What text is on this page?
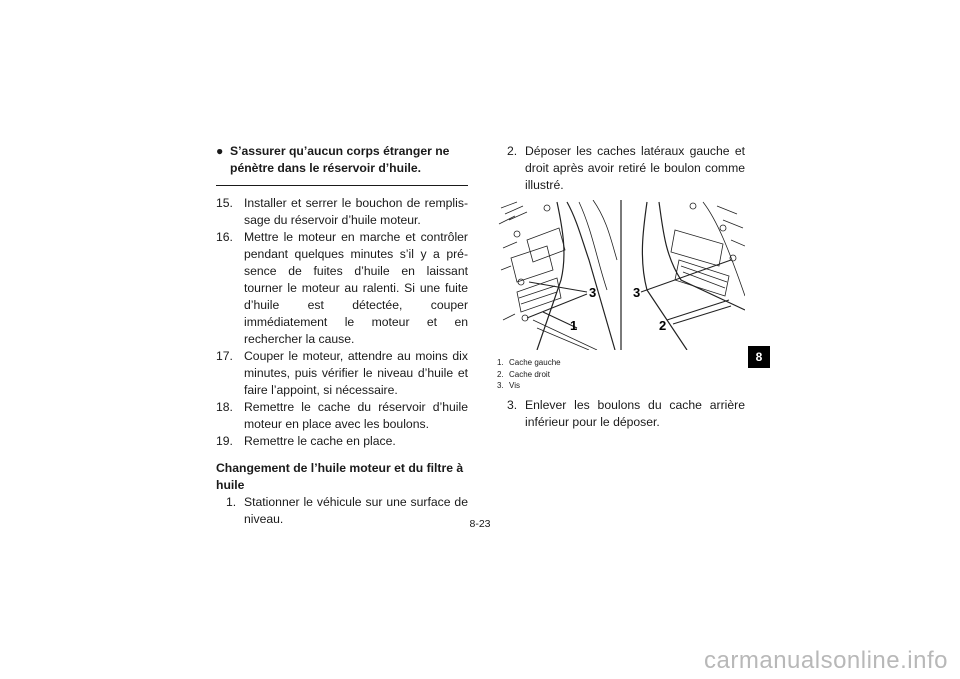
● S’assurer qu’aucun corps étranger ne
pénètre dans le réservoir d’huile.
15. Installer et serrer le bouchon de remplissage du réservoir d’huile moteur.
16. Mettre le moteur en marche et contrôler pendant quelques minutes s’il y a présence de fuites d’huile en laissant tourner le moteur au ralenti. Si une fuite d’huile est détectée, couper immédiatement le moteur et en rechercher la cause.
17. Couper le moteur, attendre au moins dix minutes, puis vérifier le niveau d’huile et faire l’appoint, si nécessaire.
18. Remettre le cache du réservoir d’huile moteur en place avec les boulons.
19. Remettre le cache en place.
Changement de l’huile moteur et du filtre à huile
1. Stationner le véhicule sur une surface de niveau.
2. Déposer les caches latéraux gauche et droit après avoir retiré le boulon comme illustré.
3
1
3
2
1. Cache gauche
2. Cache droit
3. Vis
3. Enlever les boulons du cache arrière inférieur pour le déposer.
8
8-23
carmanualsonline.info
